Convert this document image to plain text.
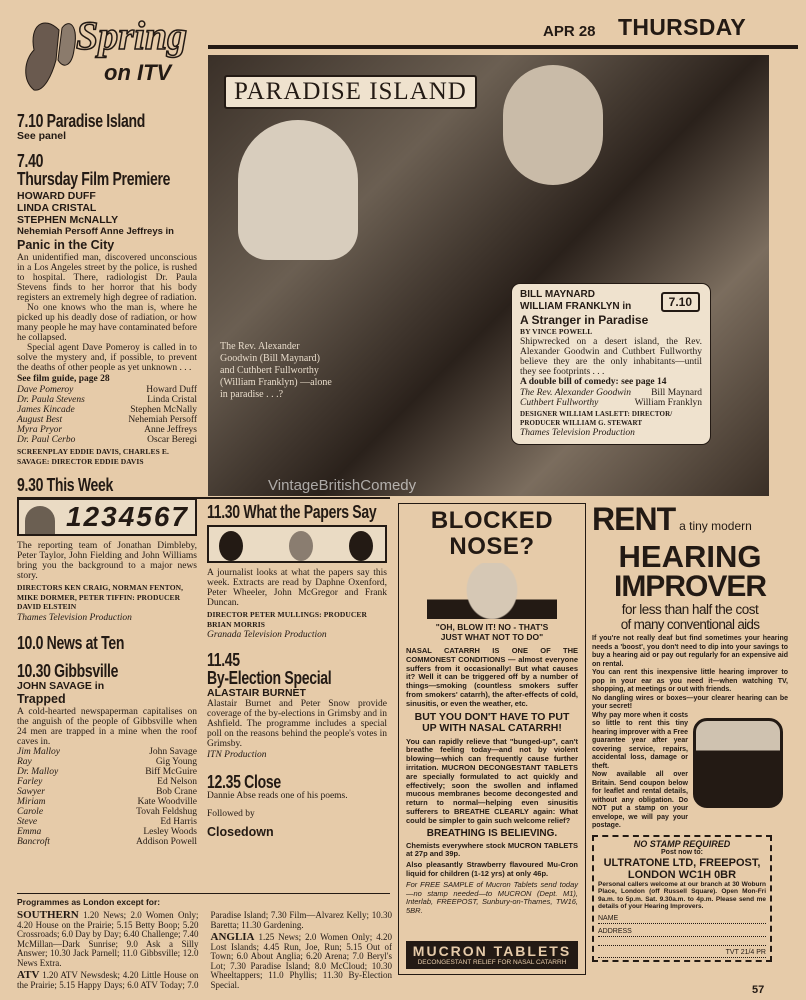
Spring
on ITV
APR 28 THURSDAY
7.10 Paradise Island
See panel
7.40
Thursday Film Premiere
HOWARD DUFF
LINDA CRISTAL
STEPHEN McNALLY
Nehemiah Persoff Anne Jeffreys in
Panic in the City

An unidentified man, discovered unconscious in a Los Angeles street by the police, is rushed to hospital. There, radiologist Dr. Paula Stevens finds to her horror that his body registers an extremely high degree of radiation.

No one knows who the man is, where he picked up his deadly dose of radiation, or how many people he may have contaminated before he collapsed.

Special agent Dave Pomeroy is called in to solve the mystery and, if possible, to prevent the deaths of other people as yet unknown . . .

See film guide, page 28
Dave Pomeroy	Howard Duff
Dr. Paula Stevens	Linda Cristal
James Kincade	Stephen McNally
August Best	Nehemiah Persoff
Myra Pryor	Anne Jeffreys
Dr. Paul Cerbo	Oscar Beregi
SCREENPLAY EDDIE DAVIS, CHARLES E. SAVAGE: DIRECTOR EDDIE DAVIS
9.30 This Week
1234567

The reporting team of Jonathan Dimbleby, Peter Taylor, John Fielding and John Williams bring you the background to a major news story.

DIRECTORS KEN CRAIG, NORMAN FENTON, MIKE DORMER, PETER TIFFIN: PRODUCER DAVID ELSTEIN
Thames Television Production
10.0 News at Ten
10.30 Gibbsville
JOHN SAVAGE in
Trapped

A cold-hearted newspaperman capitalises on the anguish of the people of Gibbsville when 24 men are trapped in a mine when the roof caves in.

Jim Malloy	John Savage
Ray	Gig Young
Dr. Malloy	Biff McGuire
Farley	Ed Nelson
Sawyer	Bob Crane
Miriam	Kate Woodville
Carole	Tovah Feldshug
Steve	Ed Harris
Emma	Lesley Woods
Bancroft	Addison Powell
PARADISE ISLAND
The Rev. Alexander Goodwin (Bill Maynard) and Cuthbert Fullworthy (William Franklyn) —alone in paradise . . .?
VintageBritishComedy
BILL MAYNARD
WILLIAM FRANKLYN in	7.10
A Stranger in Paradise
BY VINCE POWELL

Shipwrecked on a desert island, the Rev. Alexander Goodwin and Cuthbert Fullworthy believe they are the only inhabitants—until they see footprints . . .

A double bill of comedy: see page 14
The Rev. Alexander Goodwin Bill Maynard
Cuthbert Fullworthy	William Franklyn
DESIGNER WILLIAM LASLETT: DIRECTOR/ PRODUCER WILLIAM G. STEWART
Thames Television Production
11.30 What the Papers Say

A journalist looks at what the papers say this week. Extracts are read by Daphne Oxenford, Peter Wheeler, John McGregor and Frank Duncan.

DIRECTOR PETER MULLINGS: PRODUCER BRIAN MORRIS
Granada Television Production
11.45
By-Election Special
ALASTAIR BURNET

Alastair Burnet and Peter Snow provide coverage of the by-elections in Grimsby and in Ashfield. The programme includes a special poll on the reasons behind the people's votes in Grimsby.

ITN Production
12.35 Close

Dannie Abse reads one of his poems.

Followed by

Closedown
Programmes as London except for:

SOUTHERN 1.20 News; 2.0 Women Only; 4.20 House on the Prairie; 5.15 Betty Boop; 5.20 Crossroads; 6.0 Day by Day; 6.40 Challenge; 7.40 McMillan—Dark Sunrise; 9.0 Ask a Silly Answer; 10.30 Jack Parnell; 11.0 Gibbsville; 12.0 News Extra.

ATV 1.20 ATV Newsdesk; 4.20 Little House on the Prairie; 5.15 Happy Days; 6.0 ATV Today; 7.0 Paradise Island; 7.30 Film—Alvarez Kelly; 10.30 Baretta; 11.30 Gardening.

ANGLIA 1.25 News; 2.0 Women Only; 4.20 Lost Islands; 4.45 Run, Joe, Run; 5.15 Out of Town; 6.0 About Anglia; 6.20 Arena; 7.0 Beryl's Lot; 7.30 Paradise Island; 8.0 McCloud; 10.30 Wheeltappers; 11.0 Phyllis; 11.30 By-Election Special.

BLOCKED NOSE?
"OH, BLOW IT! NO - THAT'S
JUST WHAT NOT TO DO"

NASAL CATARRH IS ONE OF THE COMMONEST CONDITIONS — almost everyone suffers from it occasionally! But what causes it? Well it can be triggered off by a number of things—smoking (countless smokers suffer from smokers' catarrh), the after-effects of cold, sinusitis, or even the weather, etc.

BUT YOU DON'T HAVE TO PUT UP WITH NASAL CATARRH!

You can rapidly relieve that "bunged-up", can't breathe feeling today—and not by violent blowing—which can frequently cause further irritation. MUCRON DECONGESTANT TABLETS are specially formulated to act quickly and effectively; soon the swollen and inflamed mucous membranes become decongested and return to normal—helping even sinusitis sufferers to BREATHE CLEARLY again: What could be simpler to gain such welcome relief?

BREATHING IS BELIEVING.

Chemists everywhere stock MUCRON TABLETS at 27p and 39p.

Also pleasantly Strawberry flavoured Mu-Cron liquid for children (1-12 yrs) at only 46p.

For FREE SAMPLE of Mucron Tablets send today—no stamp needed—to MUCRON (Dept. M1), Interlab, FREEPOST, Sunbury-on-Thames, TW16, 5BR.

MUCRON TABLETS
DECONGESTANT RELIEF FOR NASAL CATARRH
RENT a tiny modern
HEARING
IMPROVER
for less than half the cost
of many conventional aids

If you're not really deaf but find sometimes your hearing needs a 'boost', you don't need to dip into your savings to buy a hearing aid or pay out regularly for an expensive aid on rental.

You can rent this inexpensive little hearing improver to pop in your ear as you need it—when watching TV, shopping, at meetings or out with friends.

No dangling wires or boxes—your clearer hearing can be your secret!

Why pay more when it costs so little to rent this tiny hearing improver with a Free guarantee year after year covering service, repairs, accidental loss, damage or theft.

Now available all over Britain. Send coupon below for leaflet and rental details, without any obligation. Do NOT put a stamp on your envelope, we will pay your postage.

NO STAMP REQUIRED
Post now to:
ULTRATONE LTD, FREEPOST,
LONDON WC1H 0BR

Personal callers welcome at our branch at 30 Woburn Place, London (off Russell Square). Open Mon-Fri 9a.m. to 5p.m. Sat. 9.30a.m. to 4p.m. Please send me details of your Hearing Improvers.

NAME
ADDRESS
TVT 21/4 PR
57
